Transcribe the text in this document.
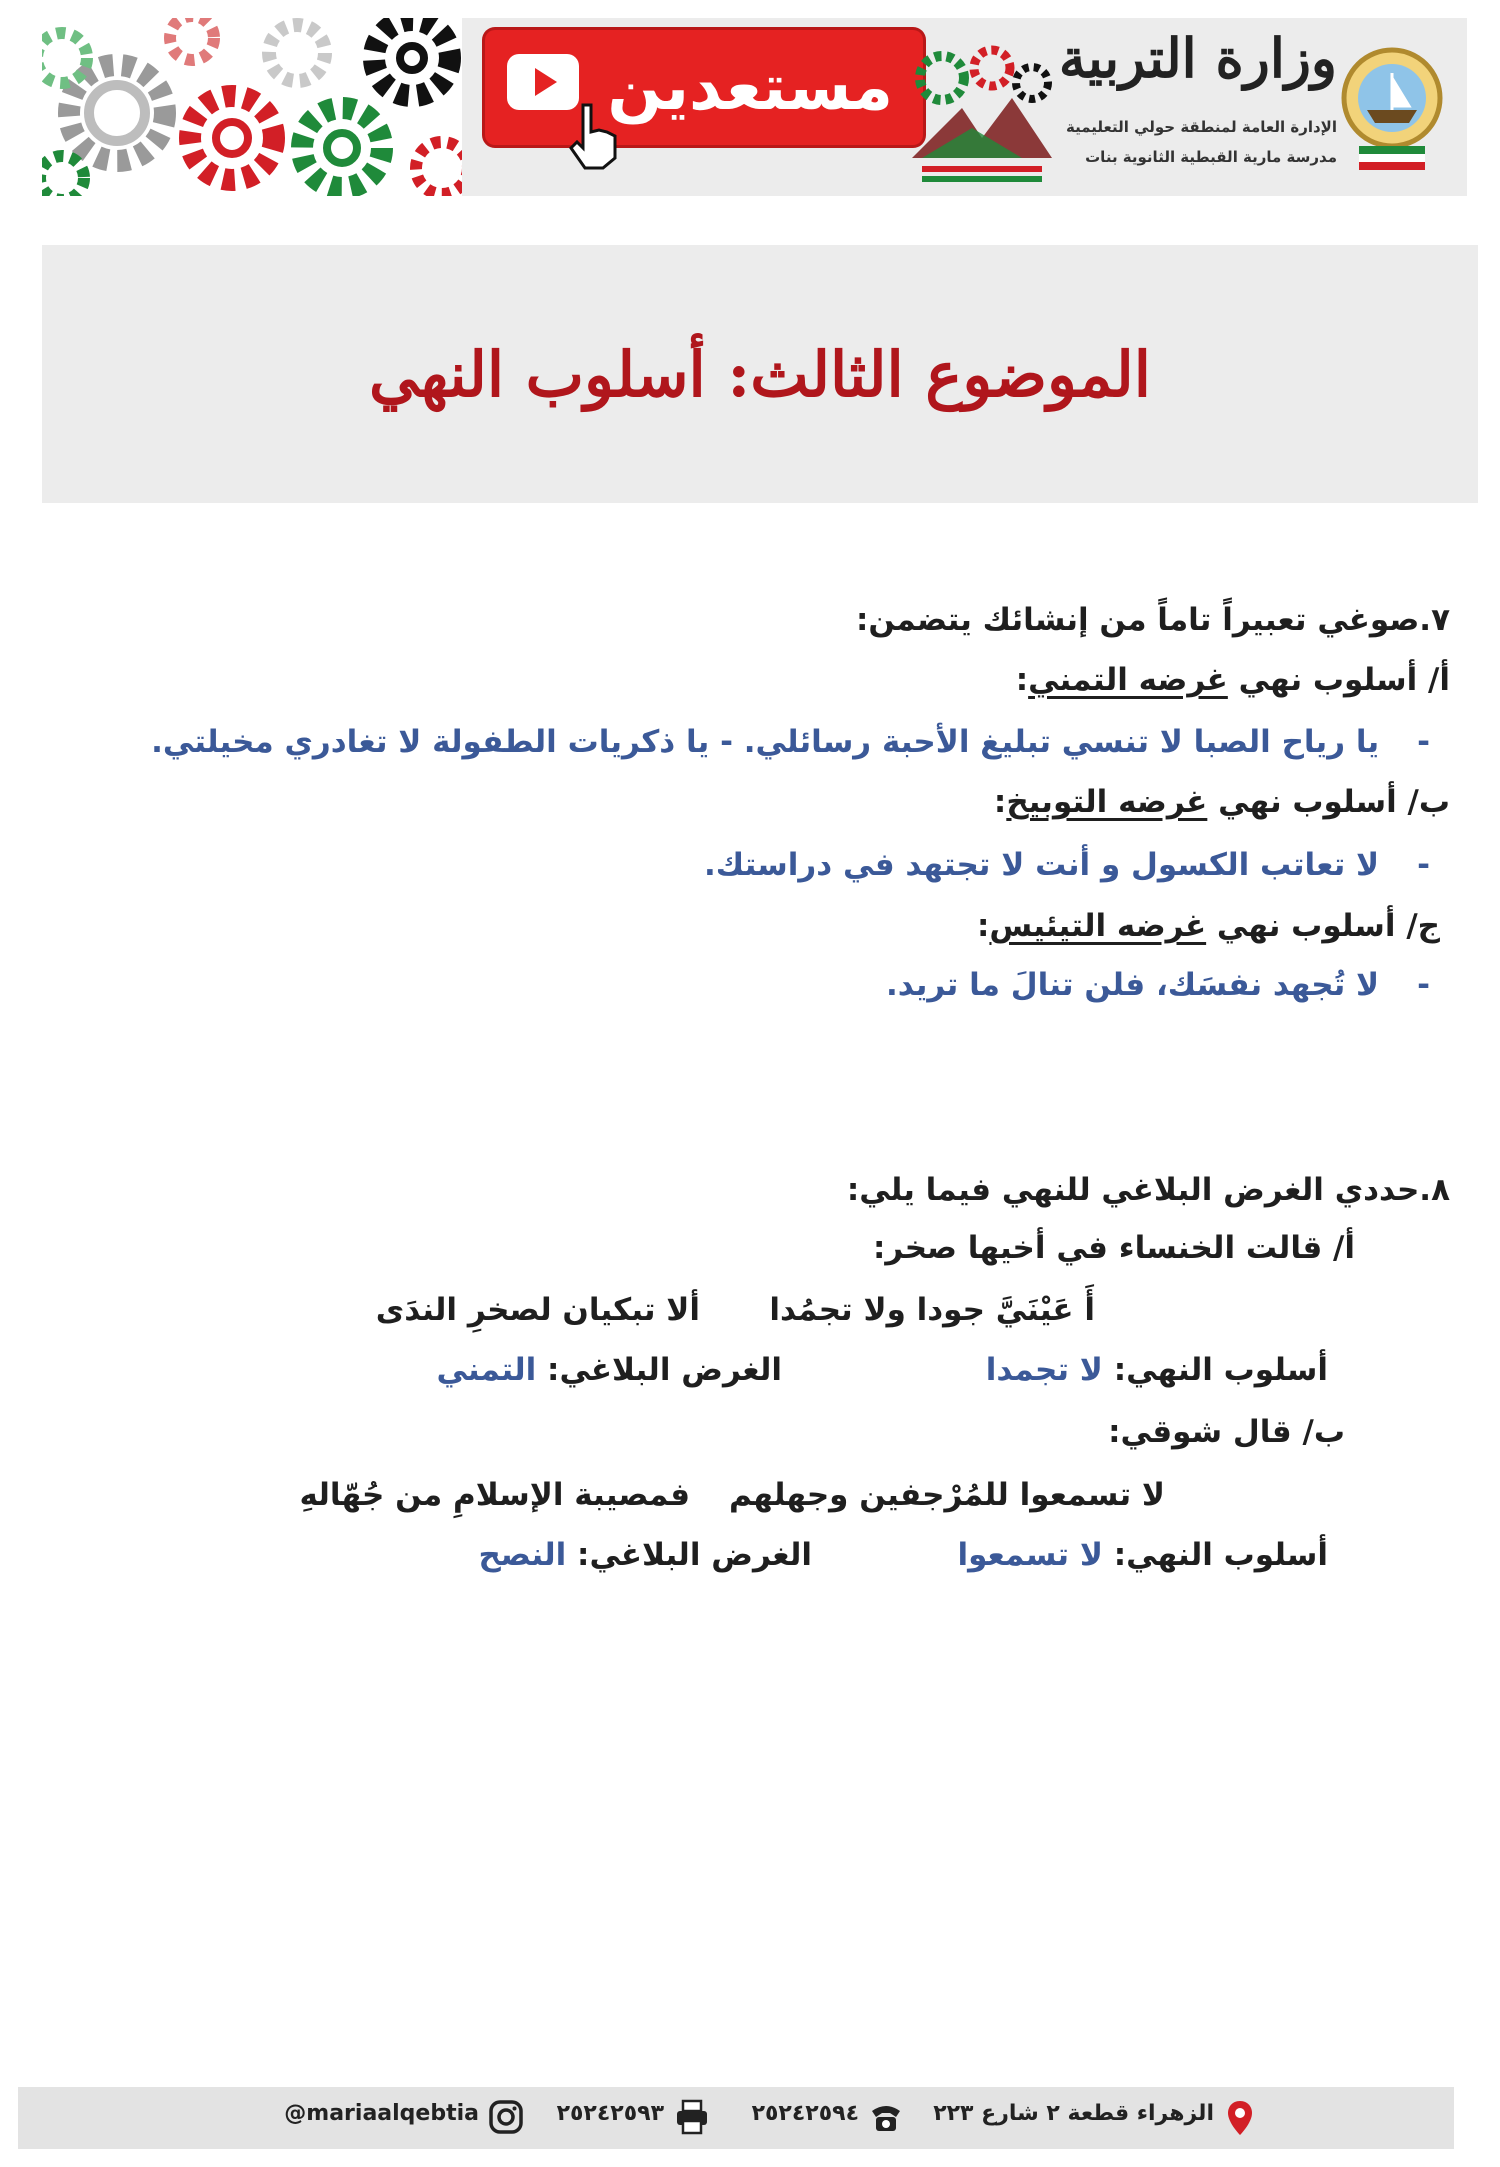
مستعدين	وزارة التربية
الإدارة العامة لمنطقة حولي التعليمية
مدرسة مارية القبطية الثانوية بنات
الموضوع الثالث: أسلوب النهي
٧.صوغي تعبيراً تاماً من إنشائك يتضمن:
أ/ أسلوب نهي غرضه التمني:
-يا رياح الصبا لا تنسي تبليغ الأحبة رسائلي. - يا ذكريات الطفولة لا تغادري مخيلتي.
ب/ أسلوب نهي غرضه التوبيخ:
-لا تعاتب الكسول و أنت لا تجتهد في دراستك.
ج/ أسلوب نهي غرضه التيئيس:
-لا تُجهد نفسَك، فلن تنالَ ما تريد.
٨.حددي الغرض البلاغي للنهي فيما يلي:
أ/ قالت الخنساء في أخيها صخر:
أَ عَيْنَيَّ جودا ولا تجمُدا
ألا تبكيان لصخرِ الندَى
أسلوب النهي: لا تجمدا
الغرض البلاغي: التمني
ب/ قال شوقي:
لا تسمعوا للمُرْجفين وجهلهم
فمصيبة الإسلامِ من جُهّالهِ
أسلوب النهي: لا تسمعوا
الغرض البلاغي: النصح
الزهراء قطعة ٢ شارع ٢٢٣
٢٥٢٤٢٥٩٤
٢٥٢٤٢٥٩٣
@mariaalqebtia
